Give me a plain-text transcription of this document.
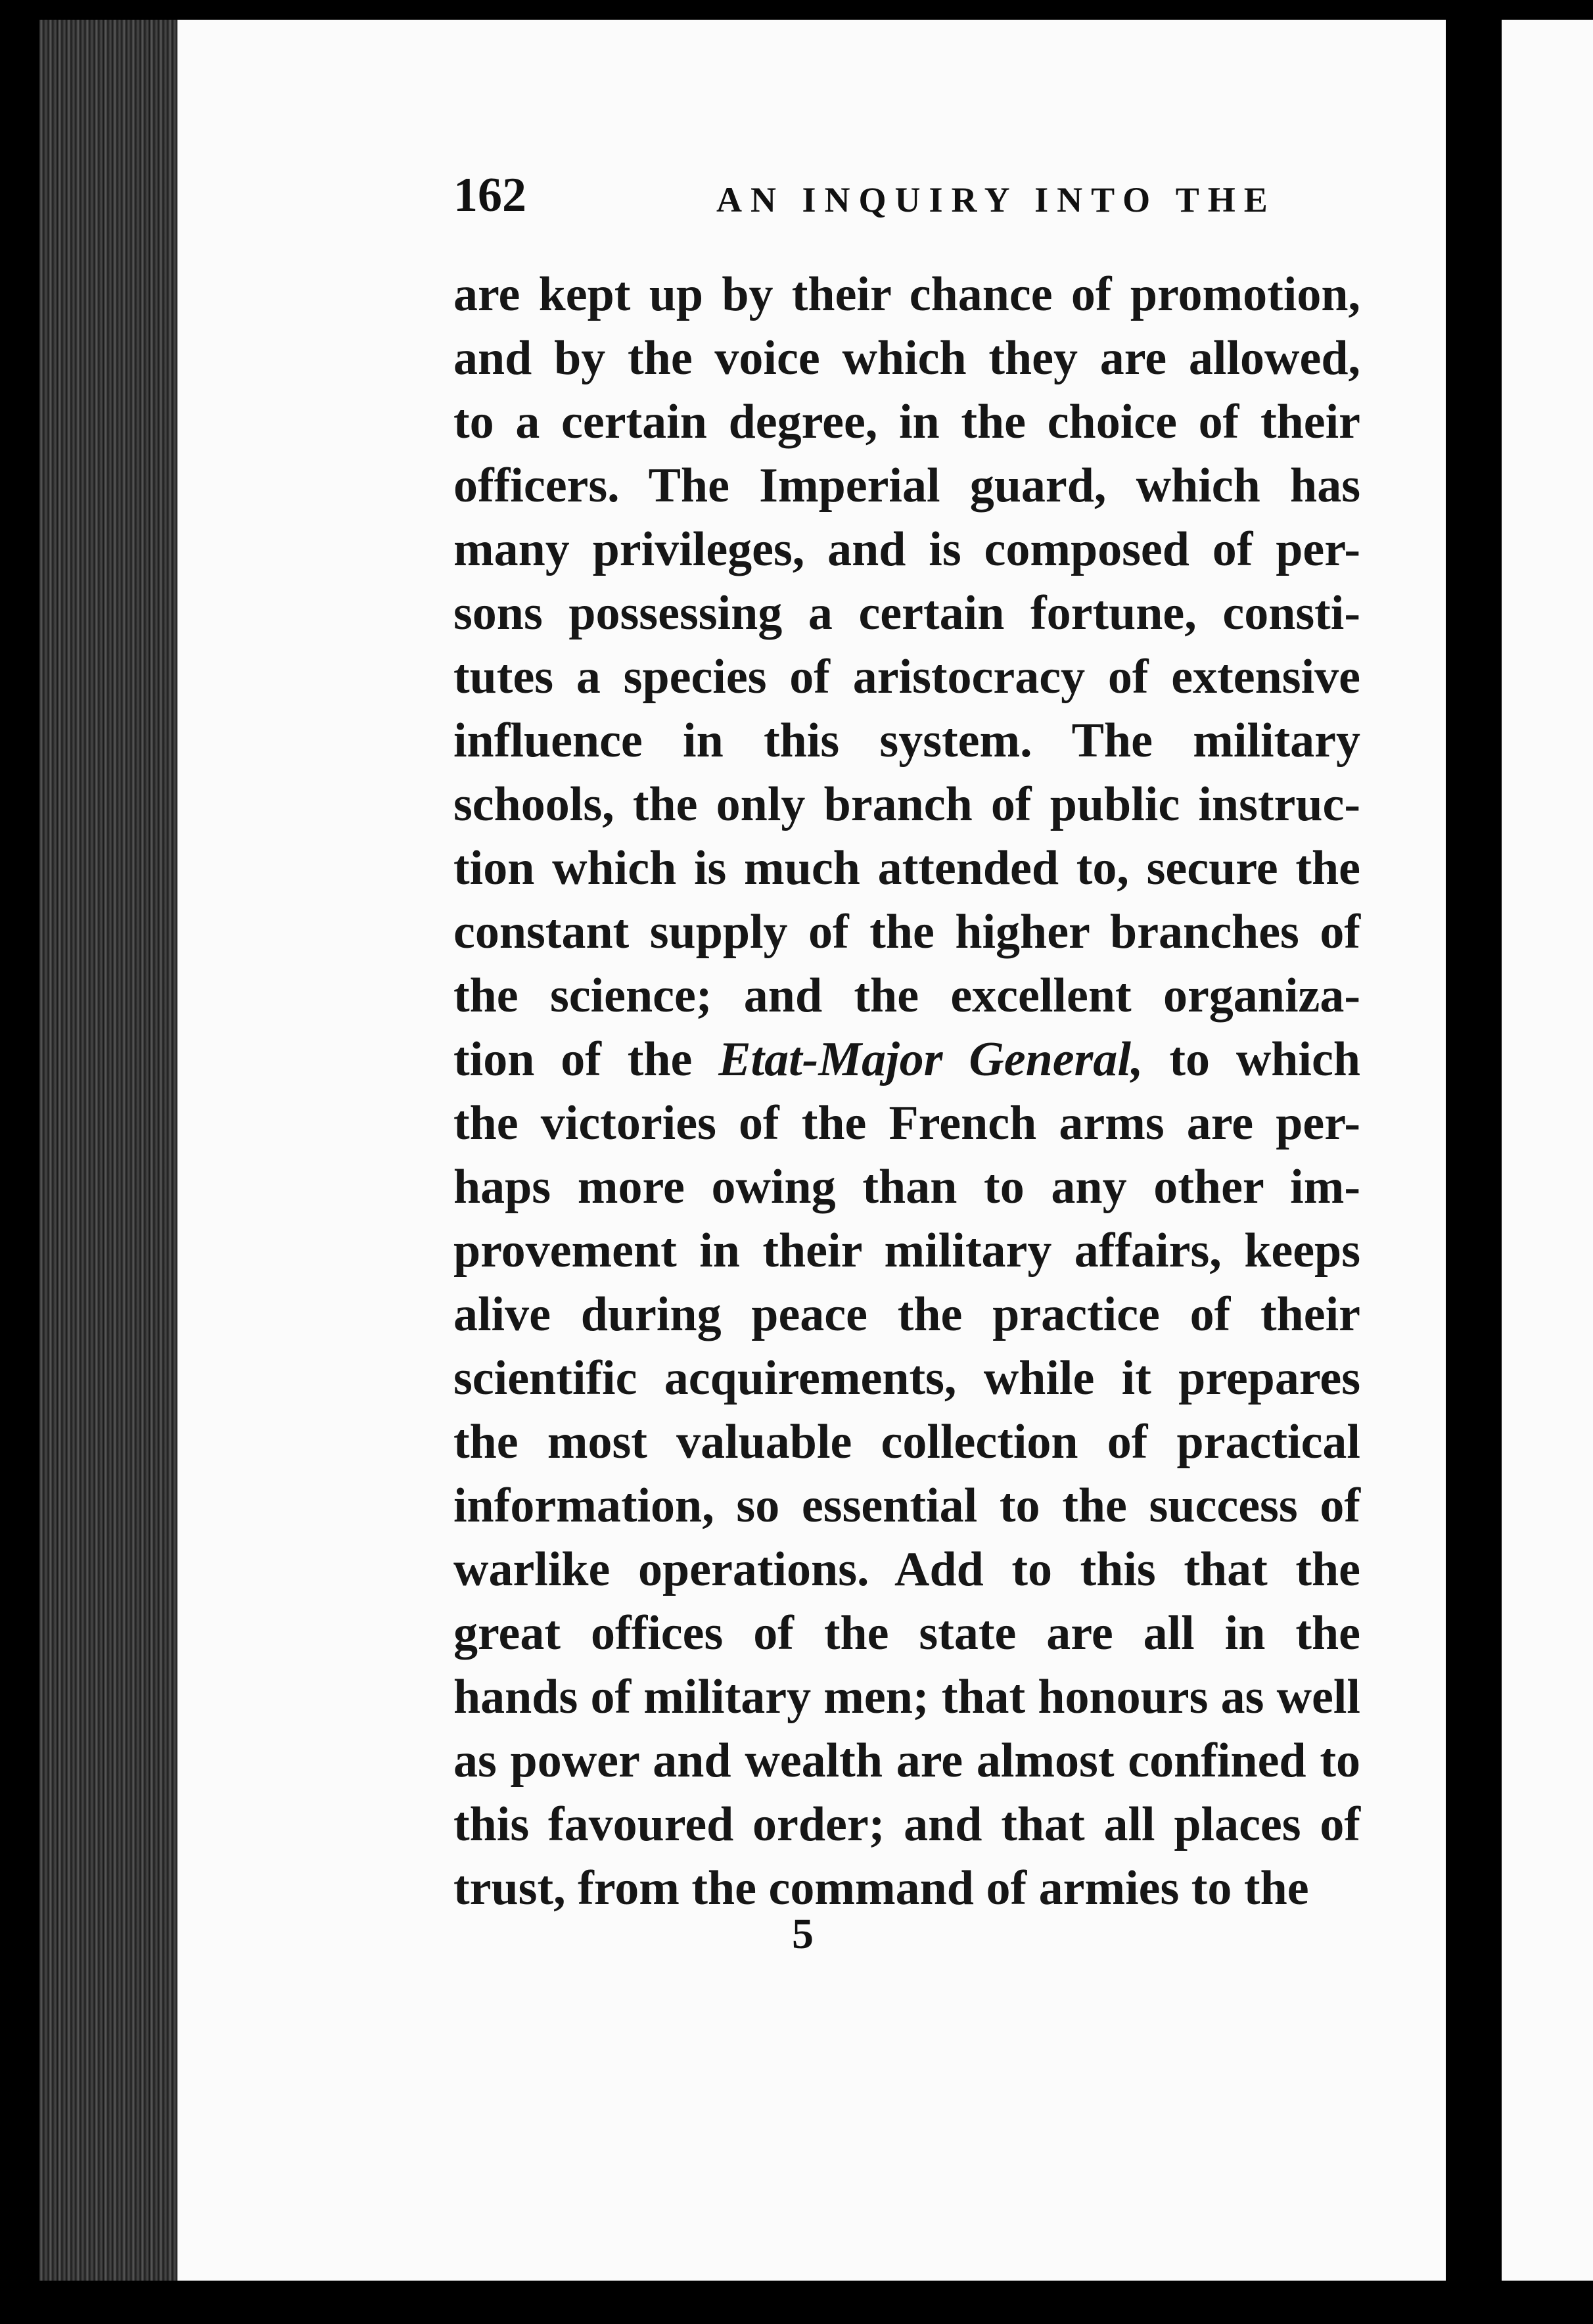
162	AN INQUIRY INTO THE
are kept up by their chance of promotion,
and by the voice which they are allowed,
to a certain degree, in the choice of their
officers. The Imperial guard, which has
many privileges, and is composed of per-
sons possessing a certain fortune, consti-
tutes a species of aristocracy of extensive
influence in this system. The military
schools, the only branch of public instruc-
tion which is much attended to, secure the
constant supply of the higher branches of
the science; and the excellent organiza-
tion of the Etat-Major General, to which
the victories of the French arms are per-
haps more owing than to any other im-
provement in their military affairs, keeps
alive during peace the practice of their
scientific acquirements, while it prepares
the most valuable collection of practical
information, so essential to the success of
warlike operations. Add to this that the
great offices of the state are all in the
hands of military men; that honours as well
as power and wealth are almost confined to
this favoured order; and that all places of
trust, from the command of armies to the
5
